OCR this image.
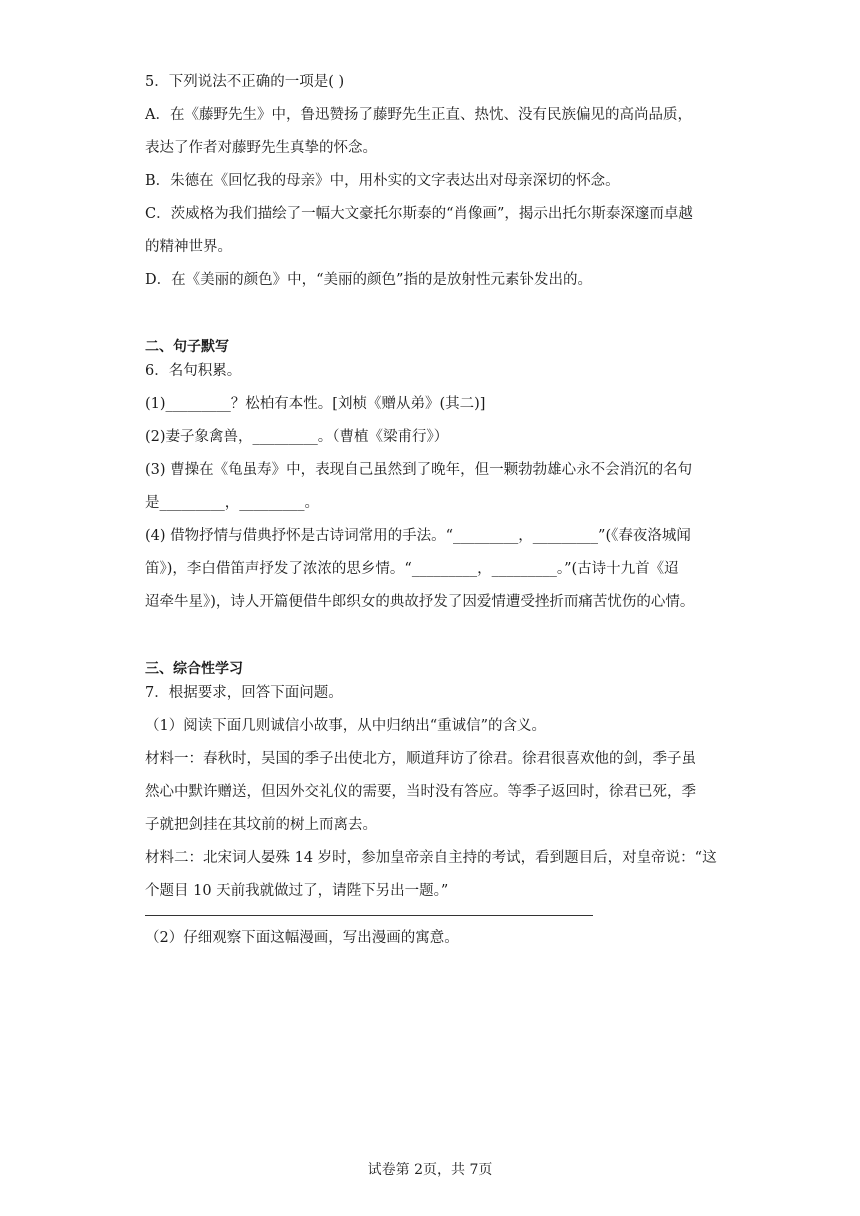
5．下列说法不正确的一项是( )

A．在《藤野先生》中，鲁迅赞扬了藤野先生正直、热忱、没有民族偏见的高尚品质，

表达了作者对藤野先生真挚的怀念。

B．朱德在《回忆我的母亲》中，用朴实的文字表达出对母亲深切的怀念。

C．茨威格为我们描绘了一幅大文豪托尔斯泰的“肖像画”，揭示出托尔斯泰深邃而卓越

的精神世界。

D．在《美丽的颜色》中，“美丽的颜色”指的是放射性元素钋发出的。

二、句子默写

6．名句积累。

(1)_________？松柏有本性。[刘桢《赠从弟》(其二)]

(2)妻子象禽兽，_________。（曹植《梁甫行》）

(3) 曹操在《龟虽寿》中，表现自己虽然到了晚年，但一颗勃勃雄心永不会消沉的名句

是_________，_________。

(4) 借物抒情与借典抒怀是古诗词常用的手法。“_________，_________”(《春夜洛城闻

笛》)，李白借笛声抒发了浓浓的思乡情。“_________，_________。”(古诗十九首《迢

迢牵牛星》)，诗人开篇便借牛郎织女的典故抒发了因爱情遭受挫折而痛苦忧伤的心情。

三、综合性学习

7．根据要求，回答下面问题。

（1）阅读下面几则诚信小故事，从中归纳出“重诚信”的含义。

材料一：春秋时，吴国的季子出使北方，顺道拜访了徐君。徐君很喜欢他的剑，季子虽

然心中默许赠送，但因外交礼仪的需要，当时没有答应。等季子返回时，徐君已死，季

子就把剑挂在其坟前的树上而离去。

材料二：北宋词人晏殊 14 岁时，参加皇帝亲自主持的考试，看到题目后，对皇帝说：“这

个题目 10 天前我就做过了，请陛下另出一题。”

（2）仔细观察下面这幅漫画，写出漫画的寓意。

试卷第 2页，共 7页
